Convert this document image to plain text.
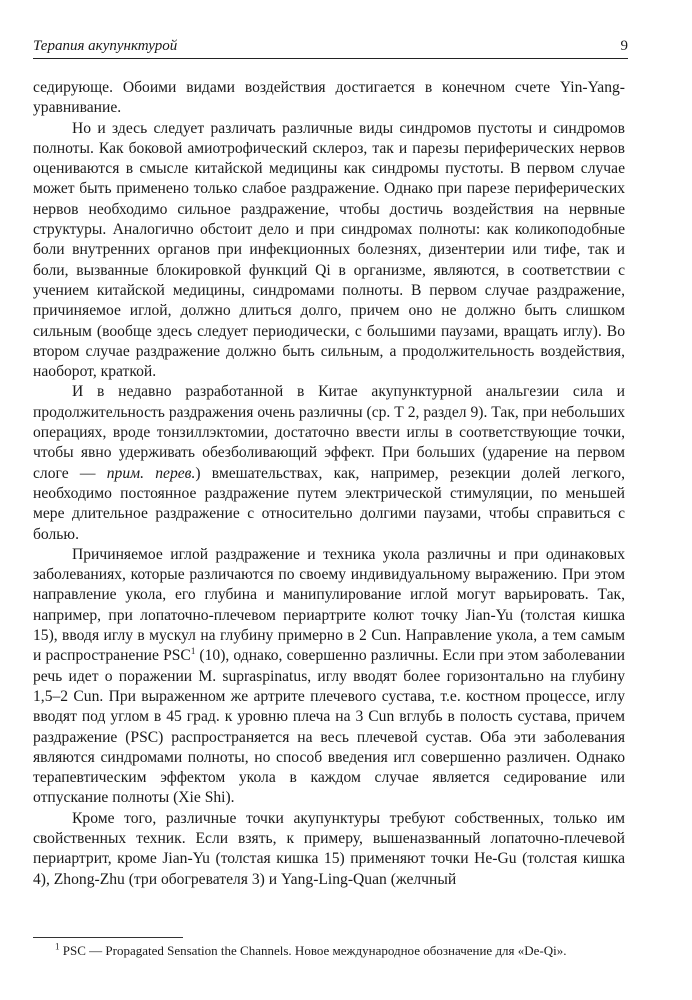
Терапия акупунктурой	9

седирующе. Обоими видами воздействия достигается в конечном счете Yin-Yang-уравнивание.

Но и здесь следует различать различные виды синдромов пустоты и синдромов полноты. Как боковой амиотрофический склероз, так и парезы периферических нервов оцениваются в смысле китайской медицины как синдромы пустоты. В первом случае может быть применено только слабое раздражение. Однако при парезе периферических нервов необходимо сильное раздражение, чтобы достичь воздействия на нервные структуры. Аналогично обстоит дело и при синдромах полноты: как коликоподобные боли внутренних органов при инфекционных болезнях, дизентерии или тифе, так и боли, вызванные блокировкой функций Qi в организме, являются, в соответствии с учением китайской медицины, синдромами полноты. В первом случае раздражение, причиняемое иглой, должно длиться долго, причем оно не должно быть слишком сильным (вообще здесь следует периодически, с большими паузами, вращать иглу). Во втором случае раздражение должно быть сильным, а продолжительность воздействия, наоборот, краткой.

И в недавно разработанной в Китае акупунктурной анальгезии сила и продолжительность раздражения очень различны (ср. Т 2, раздел 9). Так, при небольших операциях, вроде тонзиллэктомии, достаточно ввести иглы в соответствующие точки, чтобы явно удерживать обезболивающий эффект. При больших (ударение на первом слоге — прим. перев.) вмешательствах, как, например, резекции долей легкого, необходимо постоянное раздражение путем электрической стимуляции, по меньшей мере длительное раздражение с относительно долгими паузами, чтобы справиться с болью.

Причиняемое иглой раздражение и техника укола различны и при одинаковых заболеваниях, которые различаются по своему индивидуальному выражению. При этом направление укола, его глубина и манипулирование иглой могут варьировать. Так, например, при лопаточно-плечевом периартрите колют точку Jian-Yu (толстая кишка 15), вводя иглу в мускул на глубину примерно в 2 Cun. Направление укола, а тем самым и распространение PSC$^1$ (10), однако, совершенно различны. Если при этом заболевании речь идет о поражении M. supraspinatus, иглу вводят более горизонтально на глубину 1,5–2 Cun. При выраженном же артрите плечевого сустава, т.е. костном процессе, иглу вводят под углом в 45 град. к уровню плеча на 3 Cun вглубь в полость сустава, причем раздражение (PSC) распространяется на весь плечевой сустав. Оба эти заболевания являются синдромами полноты, но способ введения игл совершенно различен. Однако терапевтическим эффектом укола в каждом случае является седирование или отпускание полноты (Xie Shi).

Кроме того, различные точки акупунктуры требуют собственных, только им свойственных техник. Если взять, к примеру, вышеназванный лопаточно-плечевой периартрит, кроме Jian-Yu (толстая кишка 15) применяют точки He-Gu (толстая кишка 4), Zhong-Zhu (три обогревателя 3) и Yang-Ling-Quan (желчный

$^1$ PSC — Propagated Sensation the Channels. Новое международное обозначение для «De-Qi».
